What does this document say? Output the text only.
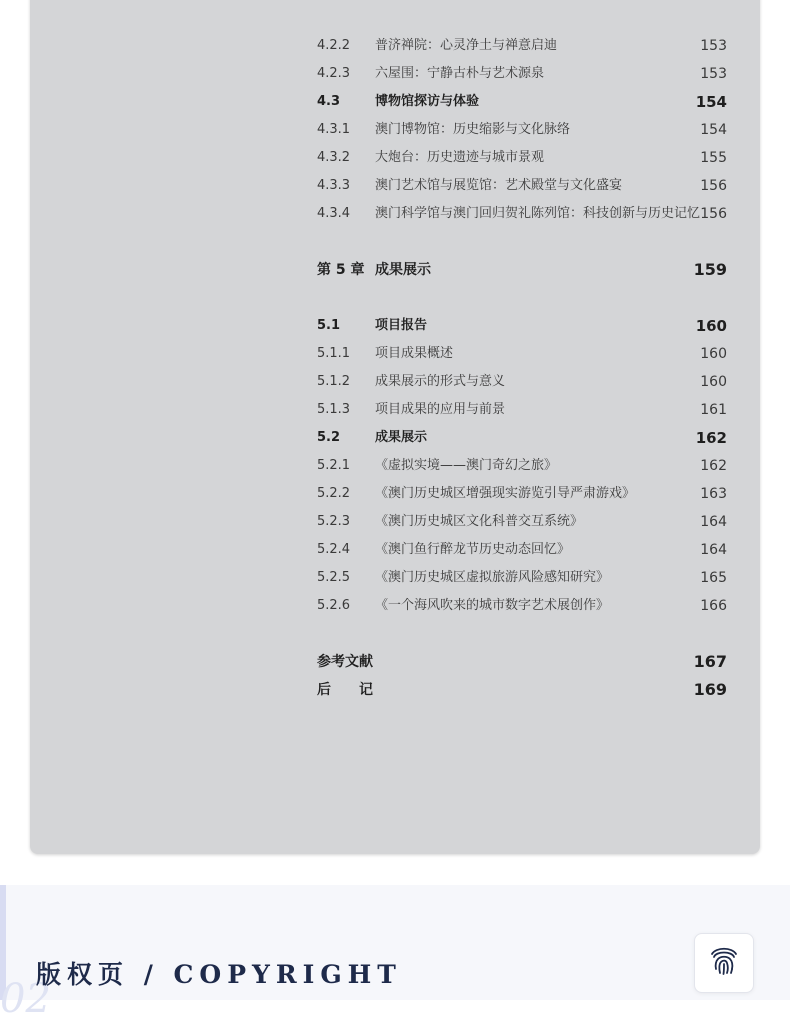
4.2.2 普济禅院：心灵净土与禅意启迪	153
4.2.3 六屋围：宁静古朴与艺术源泉	153
4.3	博物馆探访与体验	154
4.3.1 澳门博物馆：历史缩影与文化脉络	154
4.3.2 大炮台：历史遗迹与城市景观	155
4.3.3 澳门艺术馆与展览馆：艺术殿堂与文化盛宴	156
4.3.4 澳门科学馆与澳门回归贺礼陈列馆：科技创新与历史记忆 156
第 5 章 成果展示	159
5.1	项目报告	160
5.1.1 项目成果概述	160
5.1.2 成果展示的形式与意义	160
5.1.3 项目成果的应用与前景	161
5.2	成果展示	162
5.2.1 《虚拟实境——澳门奇幻之旅》	162
5.2.2 《澳门历史城区增强现实游览引导严肃游戏》	163
5.2.3 《澳门历史城区文化科普交互系统》	164
5.2.4 《澳门鱼行醉龙节历史动态回忆》	164
5.2.5 《澳门历史城区虚拟旅游风险感知研究》	165
5.2.6 《一个海风吹来的城市数字艺术展创作》	166
参考文献	167
后　　记	169
02
版权页 / COPYRIGHT
